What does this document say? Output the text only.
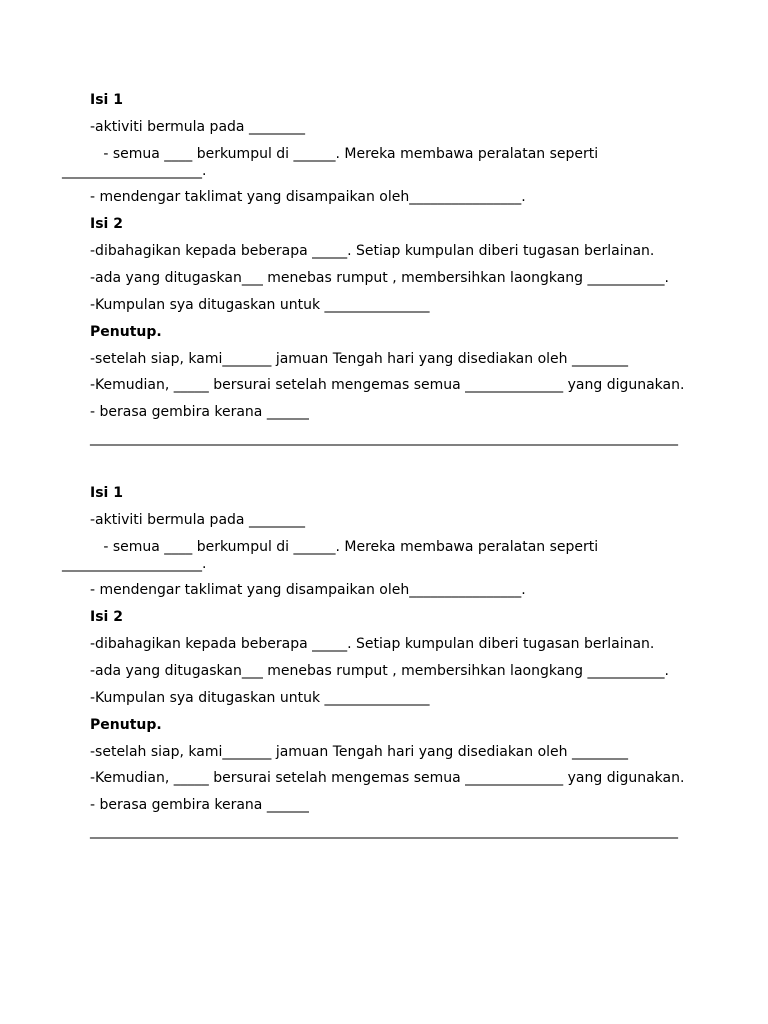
Isi 1
-aktiviti bermula pada ________
- semua ____ berkumpul di ______. Mereka membawa peralatan seperti
____________________.
- mendengar taklimat yang disampaikan oleh________________.
Isi 2
-dibahagikan kepada beberapa _____. Setiap kumpulan diberi tugasan berlainan.
-ada yang ditugaskan___ menebas rumput , membersihkan laongkang ___________.
-Kumpulan sya ditugaskan untuk _______________
Penutup.
-setelah siap, kami_______ jamuan Tengah hari yang disediakan oleh ________
-Kemudian, _____ bersurai setelah mengemas semua ______________ yang digunakan.
- berasa gembira kerana ______
____________________________________________________________________________________
Isi 1
-aktiviti bermula pada ________
- semua ____ berkumpul di ______. Mereka membawa peralatan seperti
____________________.
- mendengar taklimat yang disampaikan oleh________________.
Isi 2
-dibahagikan kepada beberapa _____. Setiap kumpulan diberi tugasan berlainan.
-ada yang ditugaskan___ menebas rumput , membersihkan laongkang ___________.
-Kumpulan sya ditugaskan untuk _______________
Penutup.
-setelah siap, kami_______ jamuan Tengah hari yang disediakan oleh ________
-Kemudian, _____ bersurai setelah mengemas semua ______________ yang digunakan.
- berasa gembira kerana ______
____________________________________________________________________________________
